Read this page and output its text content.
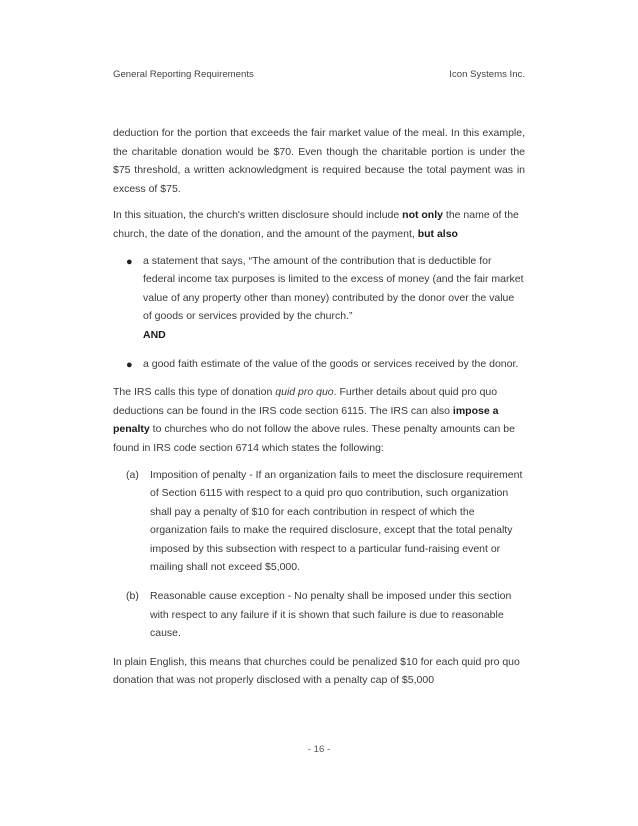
General Reporting Requirements	Icon Systems Inc.

deduction for the portion that exceeds the fair market value of the meal. In this example, the charitable donation would be $70. Even though the charitable portion is under the $75 threshold, a written acknowledgment is required because the total payment was in excess of $75.

In this situation, the church's written disclosure should include not only the name of the church, the date of the donation, and the amount of the payment, but also

● a statement that says, “The amount of the contribution that is deductible for federal income tax purposes is limited to the excess of money (and the fair market value of any property other than money) contributed by the donor over the value of goods or services provided by the church.”
AND
● a good faith estimate of the value of the goods or services received by the donor.

The IRS calls this type of donation quid pro quo. Further details about quid pro quo deductions can be found in the IRS code section 6115. The IRS can also impose a penalty to churches who do not follow the above rules. These penalty amounts can be found in IRS code section 6714 which states the following:

(a) Imposition of penalty - If an organization fails to meet the disclosure requirement of Section 6115 with respect to a quid pro quo contribution, such organization shall pay a penalty of $10 for each contribution in respect of which the organization fails to make the required disclosure, except that the total penalty imposed by this subsection with respect to a particular fund-raising event or mailing shall not exceed $5,000.
(b) Reasonable cause exception - No penalty shall be imposed under this section with respect to any failure if it is shown that such failure is due to reasonable cause.

In plain English, this means that churches could be penalized $10 for each quid pro quo donation that was not properly disclosed with a penalty cap of $5,000

- 16 -
